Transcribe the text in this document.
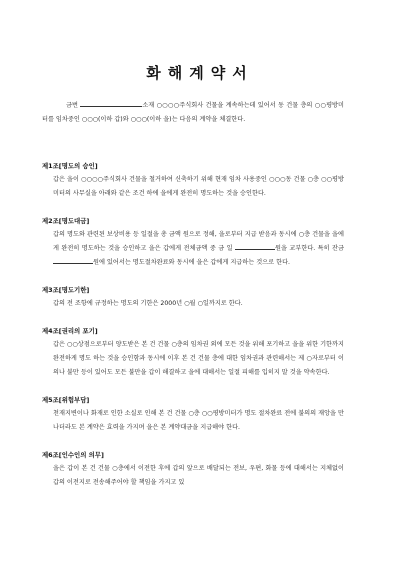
화해계약서

금번	소재 ○○○○주식회사 건물을 계속하는데 있어서 동 건물 층의 ○○평방미터를 임차중인 ○○○(이하 갑)와 ○○○(이하 을)는 다음의 계약을 체결한다.

제1조[명도의 승인]

갑은 을이 ○○○○주식회사 건물을 철거하여 신축하기 위해 현재 임차 사용중인 ○○○동 건물 ○층 ○○평방미터의 사무실을 아래와 같은 조건 하에 을에게 완전히 명도하는 것을 승인한다.

제2조[명도대금]

갑의 명도와 관련된 보상비용 등 일절을 총 금액 원으로 정해, 을로부터 지급 받음과 동시에 ○층 건물을 을에게 완전히 명도하는 것을 승인하고 을은 갑에게 전체금액 중 금 일	원을 교부한다. 특히 잔금 원에 있어서는 명도절차완료와 동시에 을은 갑에게 지급하는 것으로 한다.

제3조[명도기한]

갑의 전 조항에 규정하는 명도의 기한은 2000년 ○월 ○일까지로 한다.

제4조[권리의 포기]

갑은 ○○상점으로부터 양도받은 본 건 건물 ○층의 임차권 외에 모든 것을 위해 포기하고 을을 위한 기한까지 완전하게 명도 하는 것을 승인함과 동시에 이후 본 건 건물 층에 대한 임차권과 관련해서는 제 ○자로부터 이의나 불만 등이 있어도 모든 불만을 갑이 해결하고 을에 대해서는 일절 피해를 입히지 말 것을 약속한다.

제5조[위험부담]

천재지변이나 화재로 인한 소실로 인해 본 건 건물 ○층 ○○평방미터가 명도 절차완료 전에 불의의 재앙을 만나더라도 본 계약은 효력을 가지며 을은 본 계약대금을 지급해야 한다.

제6조[인수인의 의무]

을은 갑이 본 건 건물 ○층에서 이전한 후에 갑의 앞으로 배달되는 전보, 우편, 화물 등에 대해서는 지체없이 갑의 이전지로 전송해주어야 할 책임을 가지고 있
